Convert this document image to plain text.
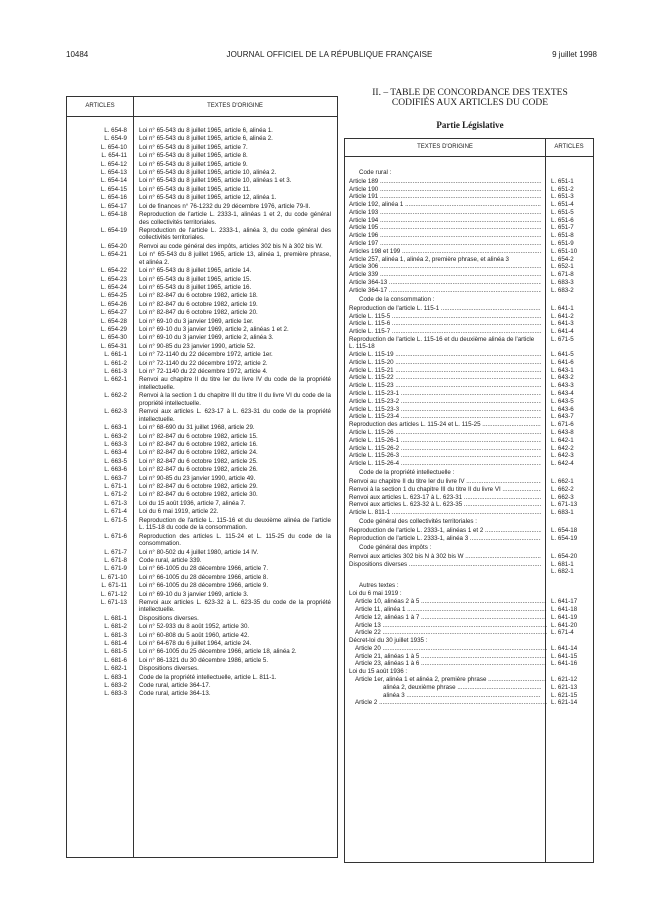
10484	JOURNAL OFFICIEL DE LA RÉPUBLIQUE FRANÇAISE	9 juillet 1998
ARTICLES	TEXTES D'ORIGINE
L. 654-8 Loi n° 65-543 du 8 juillet 1965, article 6, alinéa 1.
L. 654-9 Loi n° 65-543 du 8 juillet 1965, article 6, alinéa 2.
L. 654-10 Loi n° 65-543 du 8 juillet 1965, article 7.
L. 654-11 Loi n° 65-543 du 8 juillet 1965, article 8.
L. 654-12 Loi n° 65-543 du 8 juillet 1965, article 9.
L. 654-13 Loi n° 65-543 du 8 juillet 1965, article 10, alinéa 2.
L. 654-14 Loi n° 65-543 du 8 juillet 1965, article 10, alinéas 1 et 3.
L. 654-15 Loi n° 65-543 du 8 juillet 1965, article 11.
L. 654-16 Loi n° 65-543 du 8 juillet 1965, article 12, alinéa 1.
L. 654-17 Loi de finances n° 76-1232 du 29 décembre 1976, article 79-II.
L. 654-18 Reproduction de l'article L. 2333-1, alinéas 1 et 2, du code général des collectivités territoriales.
L. 654-19 Reproduction de l'article L. 2333-1, alinéa 3, du code général des collectivités territoriales.
L. 654-20 Renvoi au code général des impôts, articles 302 bis N à 302 bis W.
L. 654-21 Loi n° 65-543 du 8 juillet 1965, article 13, alinéa 1, première phrase, et alinéa 2.
L. 654-22 Loi n° 65-543 du 8 juillet 1965, article 14.
L. 654-23 Loi n° 65-543 du 8 juillet 1965, article 15.
L. 654-24 Loi n° 65-543 du 8 juillet 1965, article 16.
L. 654-25 Loi n° 82-847 du 6 octobre 1982, article 18.
L. 654-26 Loi n° 82-847 du 6 octobre 1982, article 19.
L. 654-27 Loi n° 82-847 du 6 octobre 1982, article 20.
L. 654-28 Loi n° 69-10 du 3 janvier 1969, article 1er.
L. 654-29 Loi n° 69-10 du 3 janvier 1969, article 2, alinéas 1 et 2.
L. 654-30 Loi n° 69-10 du 3 janvier 1969, article 2, alinéa 3.
L. 654-31 Loi n° 90-85 du 23 janvier 1990, article 52.
L. 661-1 Loi n° 72-1140 du 22 décembre 1972, article 1er.
L. 661-2 Loi n° 72-1140 du 22 décembre 1972, article 2.
L. 661-3 Loi n° 72-1140 du 22 décembre 1972, article 4.
L. 662-1 Renvoi au chapitre II du titre Ier du livre IV du code de la propriété intellectuelle.
L. 662-2 Renvoi à la section 1 du chapitre III du titre II du livre VI du code de la propriété intellectuelle.
L. 662-3 Renvoi aux articles L. 623-17 à L. 623-31 du code de la propriété intellectuelle.
L. 663-1 Loi n° 68-690 du 31 juillet 1968, article 29.
L. 663-2 Loi n° 82-847 du 6 octobre 1982, article 15.
L. 663-3 Loi n° 82-847 du 6 octobre 1982, article 16.
L. 663-4 Loi n° 82-847 du 6 octobre 1982, article 24.
L. 663-5 Loi n° 82-847 du 6 octobre 1982, article 25.
L. 663-6 Loi n° 82-847 du 6 octobre 1982, article 26.
L. 663-7 Loi n° 90-85 du 23 janvier 1990, article 49.
L. 671-1 Loi n° 82-847 du 6 octobre 1982, article 29.
L. 671-2 Loi n° 82-847 du 6 octobre 1982, article 30.
L. 671-3 Loi du 15 août 1936, article 7, alinéa 7.
L. 671-4 Loi du 6 mai 1919, article 22.
L. 671-5 Reproduction de l'article L. 115-16 et du deuxième alinéa de l'article L. 115-18 du code de la consommation.
L. 671-6 Reproduction des articles L. 115-24 et L. 115-25 du code de la consommation.
L. 671-7 Loi n° 80-502 du 4 juillet 1980, article 14 IV.
L. 671-8 Code rural, article 339.
L. 671-9 Loi n° 66-1005 du 28 décembre 1966, article 7.
L. 671-10 Loi n° 66-1005 du 28 décembre 1966, article 8.
L. 671-11 Loi n° 66-1005 du 28 décembre 1966, article 9.
L. 671-12 Loi n° 69-10 du 3 janvier 1969, article 3.
L. 671-13 Renvoi aux articles L. 623-32 à L. 623-35 du code de la propriété intellectuelle.
L. 681-1 Dispositions diverses.
L. 681-2 Loi n° 52-933 du 8 août 1952, article 30.
L. 681-3 Loi n° 60-808 du 5 août 1960, article 42.
L. 681-4 Loi n° 64-678 du 6 juillet 1964, article 24.
L. 681-5 Loi n° 66-1005 du 25 décembre 1966, article 18, alinéa 2.
L. 681-6 Loi n° 86-1321 du 30 décembre 1986, article 5.
L. 682-1 Dispositions diverses.
L. 683-1 Code de la propriété intellectuelle, article L. 811-1.
L. 683-2 Code rural, article 364-17.
L. 683-3 Code rural, article 364-13.
II. – TABLE DE CONCORDANCE DES TEXTES
CODIFIÉS AUX ARTICLES DU CODE
Partie Législative
TEXTES D'ORIGINE	ARTICLES
Code rural :
Article 189 .....	L. 651-1
Article 190 .....	L. 651-2
Article 191 .....	L. 651-3
Article 192, alinéa 1 .....	L. 651-4
Article 193 .....	L. 651-5
Article 194 .....	L. 651-6
Article 195 .....	L. 651-7
Article 196 .....	L. 651-8
Article 197 .....	L. 651-9
Articles 198 et 199 .....	L. 651-10
Article 257, alinéa 1, alinéa 2, première phrase, et alinéa 3	L. 654-2
Article 306 .....	L. 652-1
Article 339 .....	L. 671-8
Article 364-13 .....	L. 683-3
Article 364-17 .....	L. 683-2
Code de la consommation :
Reproduction de l'article L. 115-1 .....	L. 641-1
Article L. 115-5 .....	L. 641-2
Article L. 115-6 .....	L. 641-3
Article L. 115-7 .....	L. 641-4
Reproduction de l'article L. 115-16 et du deuxième alinéa de l'article L. 115-18
L. 671-5
Article L. 115-19 .....	L. 641-5
Article L. 115-20 .....	L. 641-6
Article L. 115-21 .....	L. 643-1
Article L. 115-22 .....	L. 643-2
Article L. 115-23 .....	L. 643-3
Article L. 115-23-1 .....	L. 643-4
Article L. 115-23-2 .....	L. 643-5
Article L. 115-23-3 .....	L. 643-6
Article L. 115-23-4 .....	L. 643-7
Reproduction des articles L. 115-24 et L. 115-25 .....	L. 671-6
Article L. 115-26 .....	L. 643-8
Article L. 115-26-1 .....	L. 642-1
Article L. 115-26-2 .....	L. 642-2
Article L. 115-26-3 .....	L. 642-3
Article L. 115-26-4 .....	L. 642-4
Code de la propriété intellectuelle :
Renvoi au chapitre II du titre Ier du livre IV .....	L. 662-1
Renvoi à la section 1 du chapitre III du titre II du livre VI .....	L. 662-2
Renvoi aux articles L. 623-17 à L. 623-31 .....	L. 662-3
Renvoi aux articles L. 623-32 à L. 623-35 .....	L. 671-13
Article L. 811-1 .....	L. 683-1
Code général des collectivités territoriales :
Reproduction de l'article L. 2333-1, alinéas 1 et 2 .....	L. 654-18
Reproduction de l'article L. 2333-1, alinéa 3 .....	L. 654-19
Code général des impôts :
Renvoi aux articles 302 bis N à 302 bis W .....	L. 654-20
Dispositions diverses .....	L. 681-1

L. 682-1
Autres textes :
Loi du 6 mai 1919 :
Article 10, alinéas 2 à 5 .....	L. 641-17
Article 11, alinéa 1 .....	L. 641-18
Article 12, alinéas 1 à 7 .....	L. 641-19
Article 13 .....	L. 641-20
Article 22 .....	L. 671-4
Décret-loi du 30 juillet 1935 :
Article 20 .....	L. 641-14
Article 21, alinéas 1 à 5 .....	L. 641-15
Article 23, alinéas 1 à 6 .....	L. 641-16
Loi du 15 août 1936 :
Article 1er, alinéa 1 et alinéa 2, première phrase .....	L. 621-12
alinéa 2, deuxième phrase .....	L. 621-13
alinéa 3 .....	L. 621-15
Article 2 .....	L. 621-14
